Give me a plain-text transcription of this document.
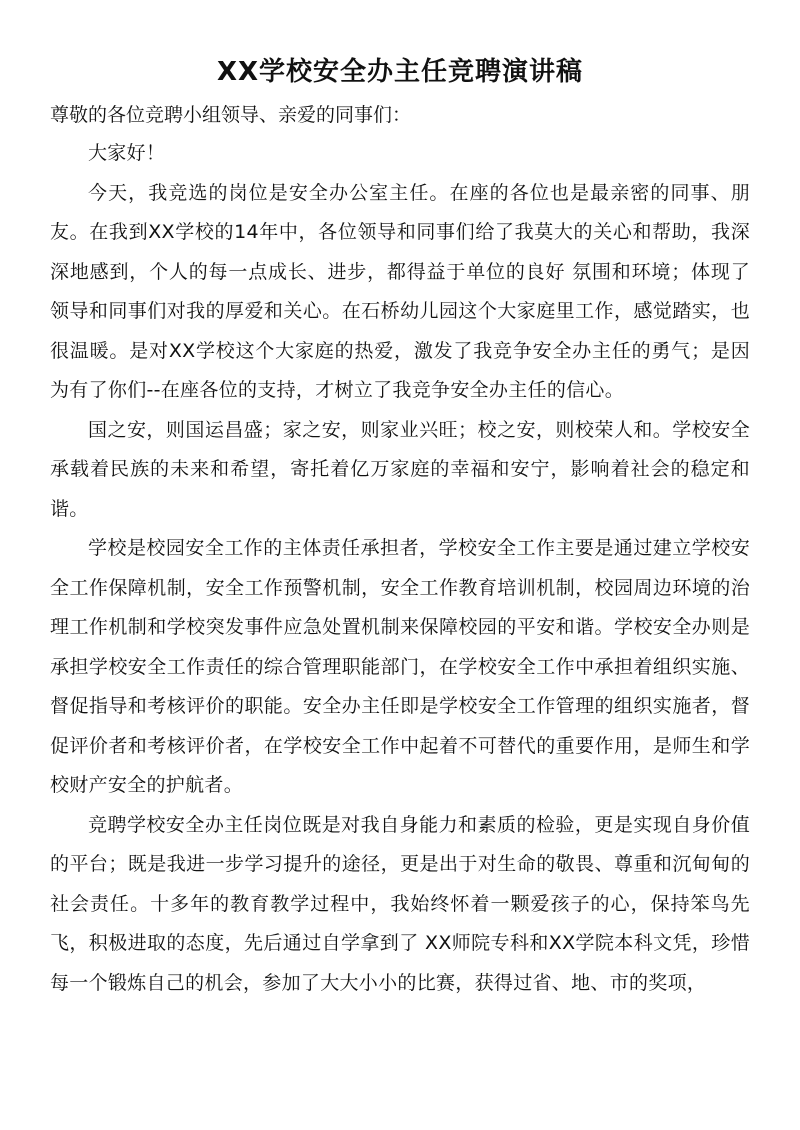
XX学校安全办主任竞聘演讲稿

尊敬的各位竞聘小组领导、亲爱的同事们：

大家好！

今天，我竞选的岗位是安全办公室主任。在座的各位也是最亲密的同事、朋友。在我到XX学校的14年中，各位领导和同事们给了我莫大的关心和帮助，我深深地感到，个人的每一点成长、进步，都得益于单位的良好 氛围和环境；体现了领导和同事们对我的厚爱和关心。在石桥幼儿园这个大家庭里工作，感觉踏实，也很温暖。是对XX学校这个大家庭的热爱，激发了我竞争安全办主任的勇气；是因为有了你们--在座各位的支持，才树立了我竞争安全办主任的信心。

国之安，则国运昌盛；家之安，则家业兴旺；校之安，则校荣人和。学校安全承载着民族的未来和希望，寄托着亿万家庭的幸福和安宁，影响着社会的稳定和谐。

学校是校园安全工作的主体责任承担者，学校安全工作主要是通过建立学校安全工作保障机制，安全工作预警机制，安全工作教育培训机制，校园周边环境的治理工作机制和学校突发事件应急处置机制来保障校园的平安和谐。学校安全办则是承担学校安全工作责任的综合管理职能部门，在学校安全工作中承担着组织实施、督促指导和考核评价的职能。安全办主任即是学校安全工作管理的组织实施者，督促评价者和考核评价者，在学校安全工作中起着不可替代的重要作用，是师生和学校财产安全的护航者。

竞聘学校安全办主任岗位既是对我自身能力和素质的检验，更是实现自身价值的平台；既是我进一步学习提升的途径，更是出于对生命的敬畏、尊重和沉甸甸的社会责任。十多年的教育教学过程中，我始终怀着一颗爱孩子的心，保持笨鸟先飞，积极进取的态度，先后通过自学拿到了 XX师院专科和XX学院本科文凭，珍惜每一个锻炼自己的机会，参加了大大小小的比赛，获得过省、地、市的奖项，
